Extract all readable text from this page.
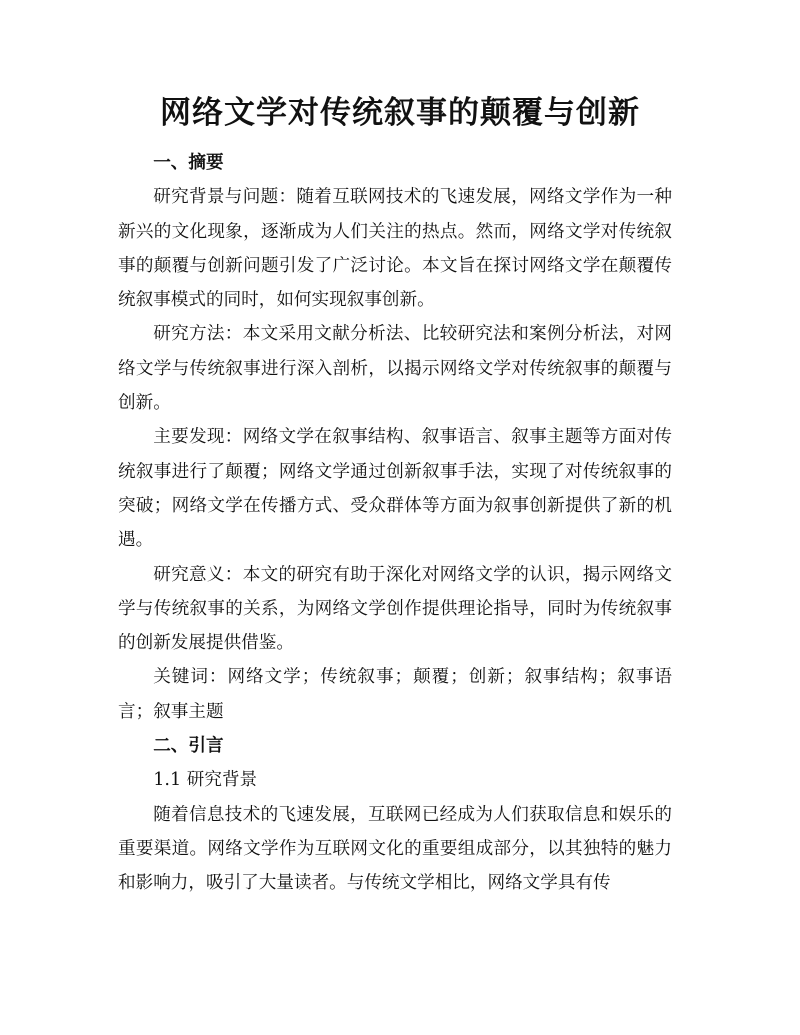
网络文学对传统叙事的颠覆与创新

一、摘要

研究背景与问题：随着互联网技术的飞速发展，网络文学作为一种新兴的文化现象，逐渐成为人们关注的热点。然而，网络文学对传统叙事的颠覆与创新问题引发了广泛讨论。本文旨在探讨网络文学在颠覆传统叙事模式的同时，如何实现叙事创新。

研究方法：本文采用文献分析法、比较研究法和案例分析法，对网络文学与传统叙事进行深入剖析，以揭示网络文学对传统叙事的颠覆与创新。

主要发现：网络文学在叙事结构、叙事语言、叙事主题等方面对传统叙事进行了颠覆；网络文学通过创新叙事手法，实现了对传统叙事的突破；网络文学在传播方式、受众群体等方面为叙事创新提供了新的机遇。

研究意义：本文的研究有助于深化对网络文学的认识，揭示网络文学与传统叙事的关系，为网络文学创作提供理论指导，同时为传统叙事的创新发展提供借鉴。

关键词：网络文学；传统叙事；颠覆；创新；叙事结构；叙事语言；叙事主题

二、引言

1.1 研究背景

随着信息技术的飞速发展，互联网已经成为人们获取信息和娱乐的重要渠道。网络文学作为互联网文化的重要组成部分，以其独特的魅力和影响力，吸引了大量读者。与传统文学相比，网络文学具有传
